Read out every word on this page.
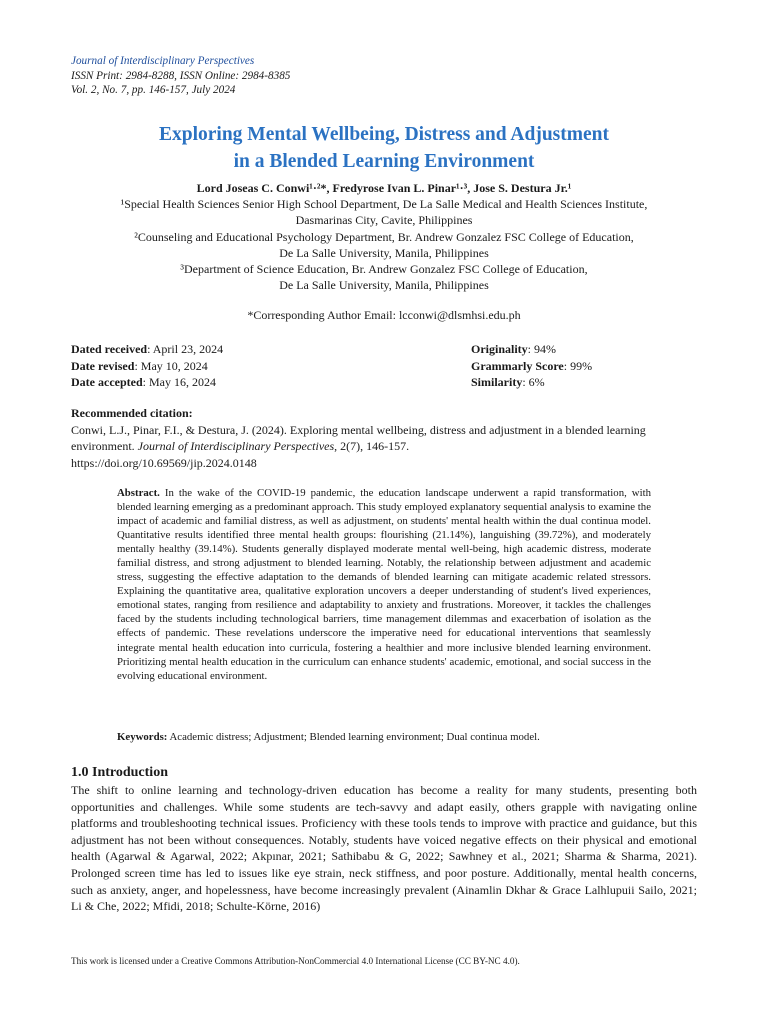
Journal of Interdisciplinary Perspectives
ISSN Print: 2984-8288, ISSN Online: 2984-8385
Vol. 2, No. 7, pp. 146-157, July 2024
Exploring Mental Wellbeing, Distress and Adjustment
in a Blended Learning Environment
Lord Joseas C. Conwi¹·²*, Fredyrose Ivan L. Pinar¹·³, Jose S. Destura Jr.¹
¹Special Health Sciences Senior High School Department, De La Salle Medical and Health Sciences Institute,
Dasmarinas City, Cavite, Philippines
²Counseling and Educational Psychology Department, Br. Andrew Gonzalez FSC College of Education,
De La Salle University, Manila, Philippines
³Department of Science Education, Br. Andrew Gonzalez FSC College of Education,
De La Salle University, Manila, Philippines
*Corresponding Author Email: lcconwi@dlsmhsi.edu.ph
Dated received: April 23, 2024
Date revised: May 10, 2024
Date accepted: May 16, 2024
Originality: 94%
Grammarly Score: 99%
Similarity: 6%
Recommended citation:
Conwi, L.J., Pinar, F.I., & Destura, J. (2024). Exploring mental wellbeing, distress and adjustment in a blended learning environment. Journal of Interdisciplinary Perspectives, 2(7), 146-157.
https://doi.org/10.69569/jip.2024.0148
Abstract. In the wake of the COVID-19 pandemic, the education landscape underwent a rapid transformation, with blended learning emerging as a predominant approach. This study employed explanatory sequential analysis to examine the impact of academic and familial distress, as well as adjustment, on students' mental health within the dual continua model. Quantitative results identified three mental health groups: flourishing (21.14%), languishing (39.72%), and moderately mentally healthy (39.14%). Students generally displayed moderate mental well-being, high academic distress, moderate familial distress, and strong adjustment to blended learning. Notably, the relationship between adjustment and academic stress, suggesting the effective adaptation to the demands of blended learning can mitigate academic related stressors. Explaining the quantitative area, qualitative exploration uncovers a deeper understanding of student's lived experiences, emotional states, ranging from resilience and adaptability to anxiety and frustrations. Moreover, it tackles the challenges faced by the students including technological barriers, time management dilemmas and exacerbation of isolation as the effects of pandemic. These revelations underscore the imperative need for educational interventions that seamlessly integrate mental health education into curricula, fostering a healthier and more inclusive blended learning environment. Prioritizing mental health education in the curriculum can enhance students' academic, emotional, and social success in the evolving educational environment.
Keywords: Academic distress; Adjustment; Blended learning environment; Dual continua model.
1.0 Introduction
The shift to online learning and technology-driven education has become a reality for many students, presenting both opportunities and challenges. While some students are tech-savvy and adapt easily, others grapple with navigating online platforms and troubleshooting technical issues. Proficiency with these tools tends to improve with practice and guidance, but this adjustment has not been without consequences. Notably, students have voiced negative effects on their physical and emotional health (Agarwal & Agarwal, 2022; Akpınar, 2021; Sathibabu & G, 2022; Sawhney et al., 2021; Sharma & Sharma, 2021). Prolonged screen time has led to issues like eye strain, neck stiffness, and poor posture. Additionally, mental health concerns, such as anxiety, anger, and hopelessness, have become increasingly prevalent (Ainamlin Dkhar & Grace Lalhlupuii Sailo, 2021; Li & Che, 2022; Mfidi, 2018; Schulte-Körne, 2016)
This work is licensed under a Creative Commons Attribution-NonCommercial 4.0 International License (CC BY-NC 4.0).
